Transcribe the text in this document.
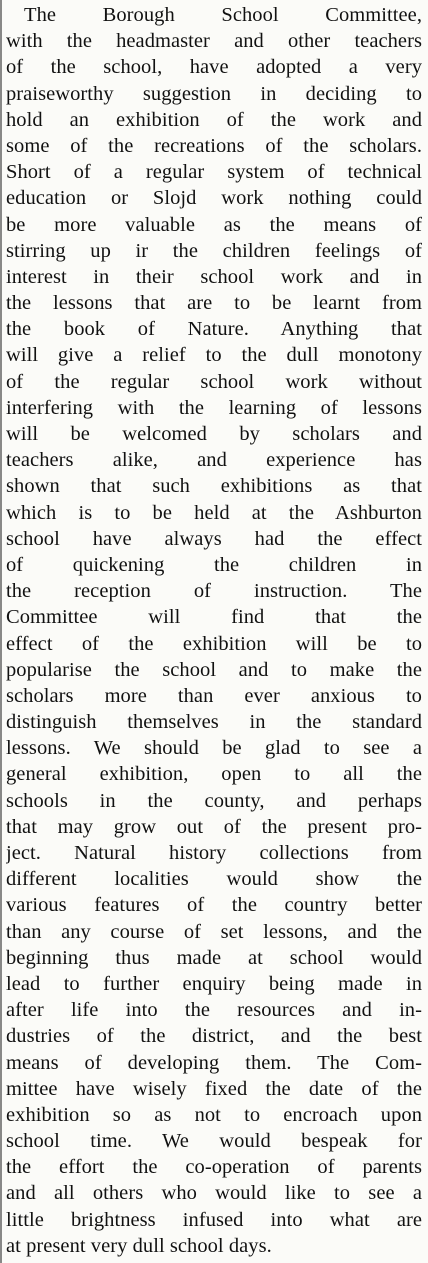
The Borough School Committee,
with the headmaster and other teachers
of the school, have adopted a very
praiseworthy suggestion in deciding to
hold an exhibition of the work and
some of the recreations of the scholars.
Short of a regular system of technical
education or Slojd work nothing could
be more valuable as the means of
stirring up ir the children feelings of
interest in their school work and in
the lessons that are to be learnt from
the book of Nature. Anything that
will give a relief to the dull monotony
of the regular school work without
interfering with the learning of lessons
will be welcomed by scholars and
teachers alike, and experience has
shown that such exhibitions as that
which is to be held at the Ashburton
school have always had the effect
of quickening the children in
the reception of instruction. The
Committee will find that the
effect of the exhibition will be to
popularise the school and to make the
scholars more than ever anxious to
distinguish themselves in the standard
lessons. We should be glad to see a
general exhibition, open to all the
schools in the county, and perhaps
that may grow out of the present pro-
ject. Natural history collections from
different localities would show the
various features of the country better
than any course of set lessons, and the
beginning thus made at school would
lead to further enquiry being made in
after life into the resources and in-
dustries of the district, and the best
means of developing them. The Com-
mittee have wisely fixed the date of the
exhibition so as not to encroach upon
school time. We would bespeak for
the effort the co-operation of parents
and all others who would like to see a
little brightness infused into what are
at present very dull school days.
